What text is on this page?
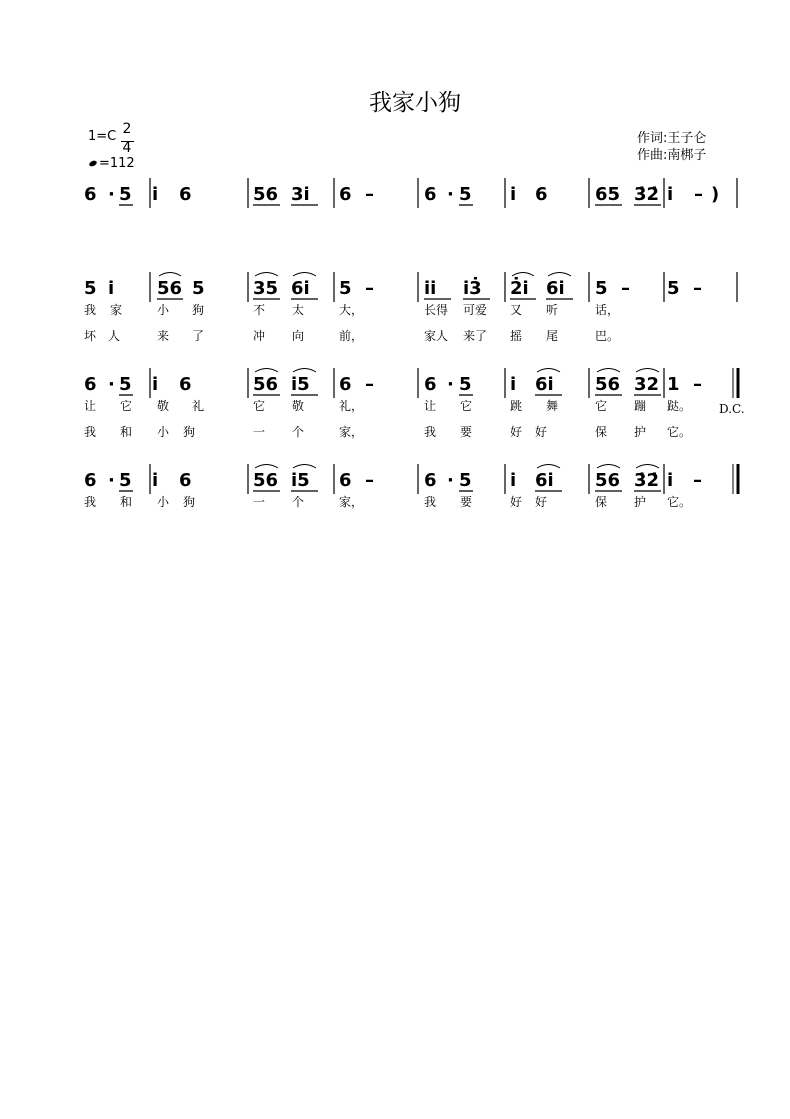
我家小狗
1=C 2
4
=112
作词:王子仑
作曲:南梆子
6 · 5 i 6	56 3i 6 –	6 · 5 i 6	65 3̇2̇ i – )
5 i 56 5	35 6i 5 –	ii i3̇ 2̇i 6i 5 – 5 –
我 家	小 狗	不 太	大，	长得 可爱 又 听	话，
坏 人	来 了	冲 向	前，	家人 来了 摇 尾	巴。
6 · 5 i 6	56 i5 6 –	6 · 5 i 6i 56 32 1 –
让 它 敬 礼	它 敬	礼，	让 它	跳 舞	它 蹦 跶。
我 和 小 狗	一 个	家，	我 要	好 好	保 护 它。
6 · 5 i 6	56 i5 6 –	6 · 5 i 6i 56 3̇2̇ i –
我 和 小 狗	一 个	家，	我 要	好 好	保 护 它。
D.C.
